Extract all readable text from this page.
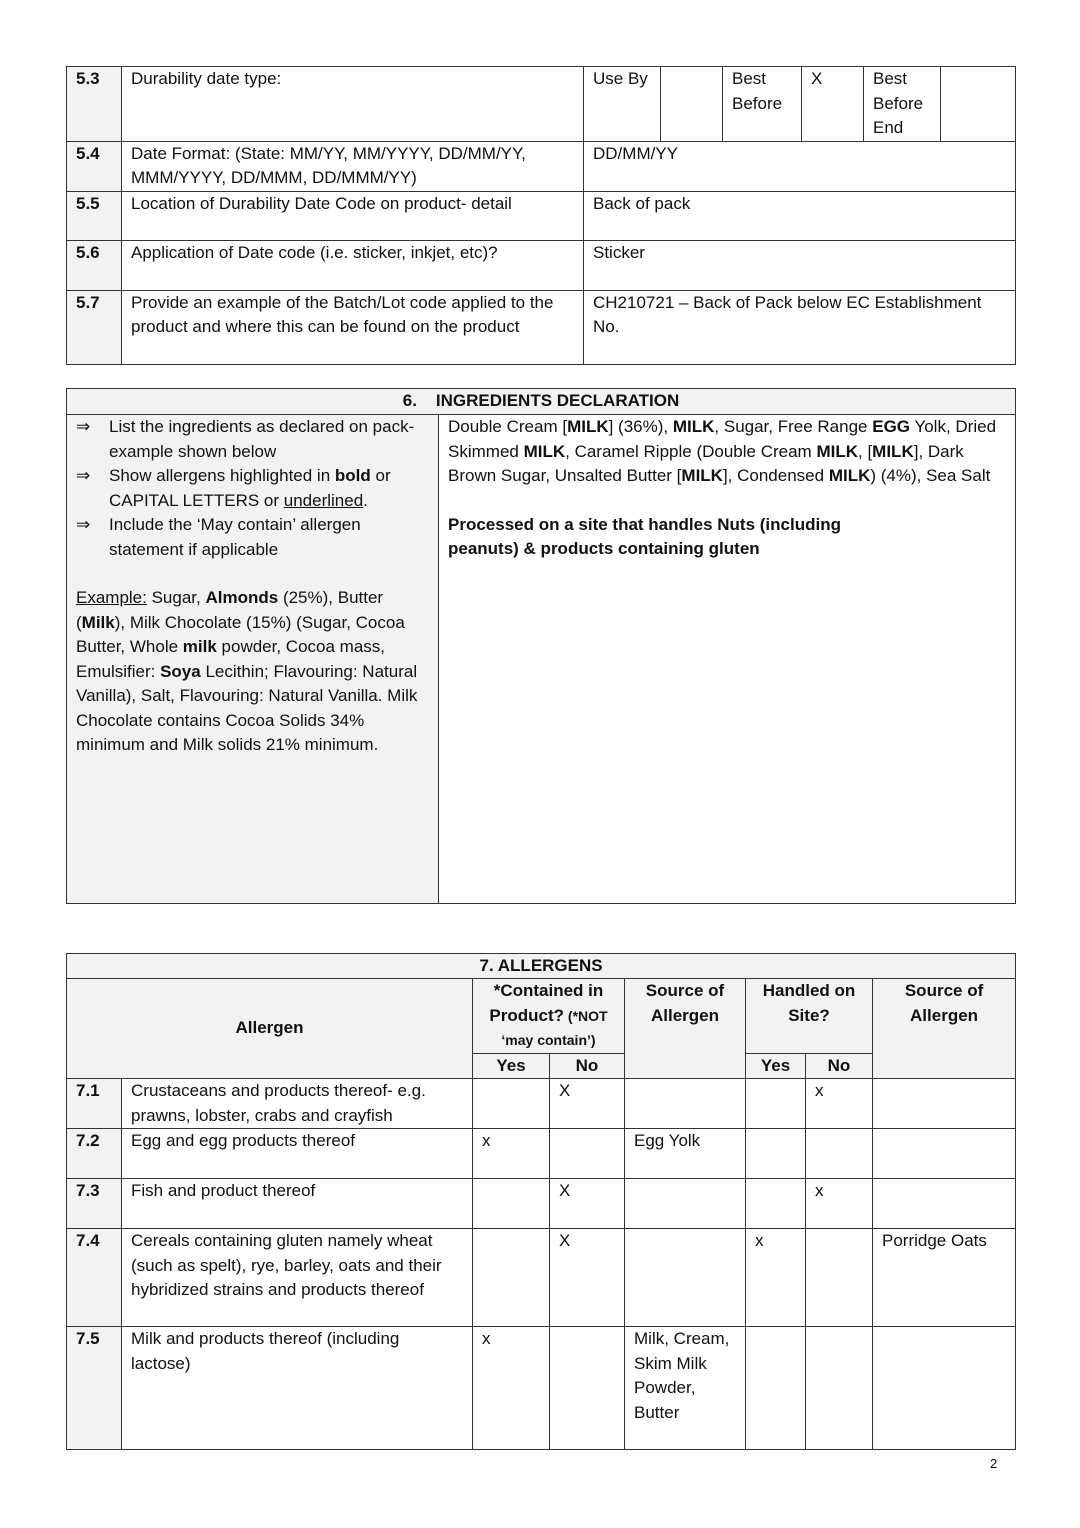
5.3	Durability date type:	Use By		Best Before	X	Best Before End	
5.4	Date Format: (State: MM/YY, MM/YYYY, DD/MM/YY, MMM/YYYY, DD/MMM, DD/MMM/YY)	DD/MM/YY					
5.5	Location of Durability Date Code on product- detail	Back of pack					
5.6	Application of Date code (i.e. sticker, inkjet, etc)?	Sticker					
5.7	Provide an example of the Batch/Lot code applied to the product and where this can be found on the product	CH210721 – Back of Pack below EC Establishment No.					
6. INGREDIENTS DECLARATION

⇒ List the ingredients as declared on pack- example shown below
⇒ Show allergens highlighted in bold or CAPITAL LETTERS or underlined.
⇒ Include the ‘May contain’ allergen statement if applicable
Example: Sugar, Almonds (25%), Butter (Milk), Milk Chocolate (15%) (Sugar, Cocoa Butter, Whole milk powder, Cocoa mass, Emulsifier: Soya Lecithin; Flavouring: Natural Vanilla), Salt, Flavouring: Natural Vanilla. Milk Chocolate contains Cocoa Solids 34% minimum and Milk solids 21% minimum.

Double Cream [MILK] (36%), MILK, Sugar, Free Range EGG Yolk, Dried Skimmed MILK, Caramel Ripple (Double Cream MILK, [MILK], Dark Brown Sugar, Unsalted Butter [MILK], Condensed MILK) (4%), Sea Salt
Processed on a site that handles Nuts (including peanuts) & products containing gluten
7. ALLERGENS							
Allergen		*Contained in Product? (*NOT ‘may contain’)		Source of Allergen	Handled on Site?		Source of Allergen
		Yes	No		Yes	No	
7.1	Crustaceans and products thereof- e.g. prawns, lobster, crabs and crayfish		X			x	
7.2	Egg and egg products thereof	x		Egg Yolk			
7.3	Fish and product thereof		X			x	
7.4	Cereals containing gluten namely wheat (such as spelt), rye, barley, oats and their hybridized strains and products thereof		X		x		Porridge Oats
7.5	Milk and products thereof (including lactose)	x		Milk, Cream, Skim Milk Powder, Butter			
2
